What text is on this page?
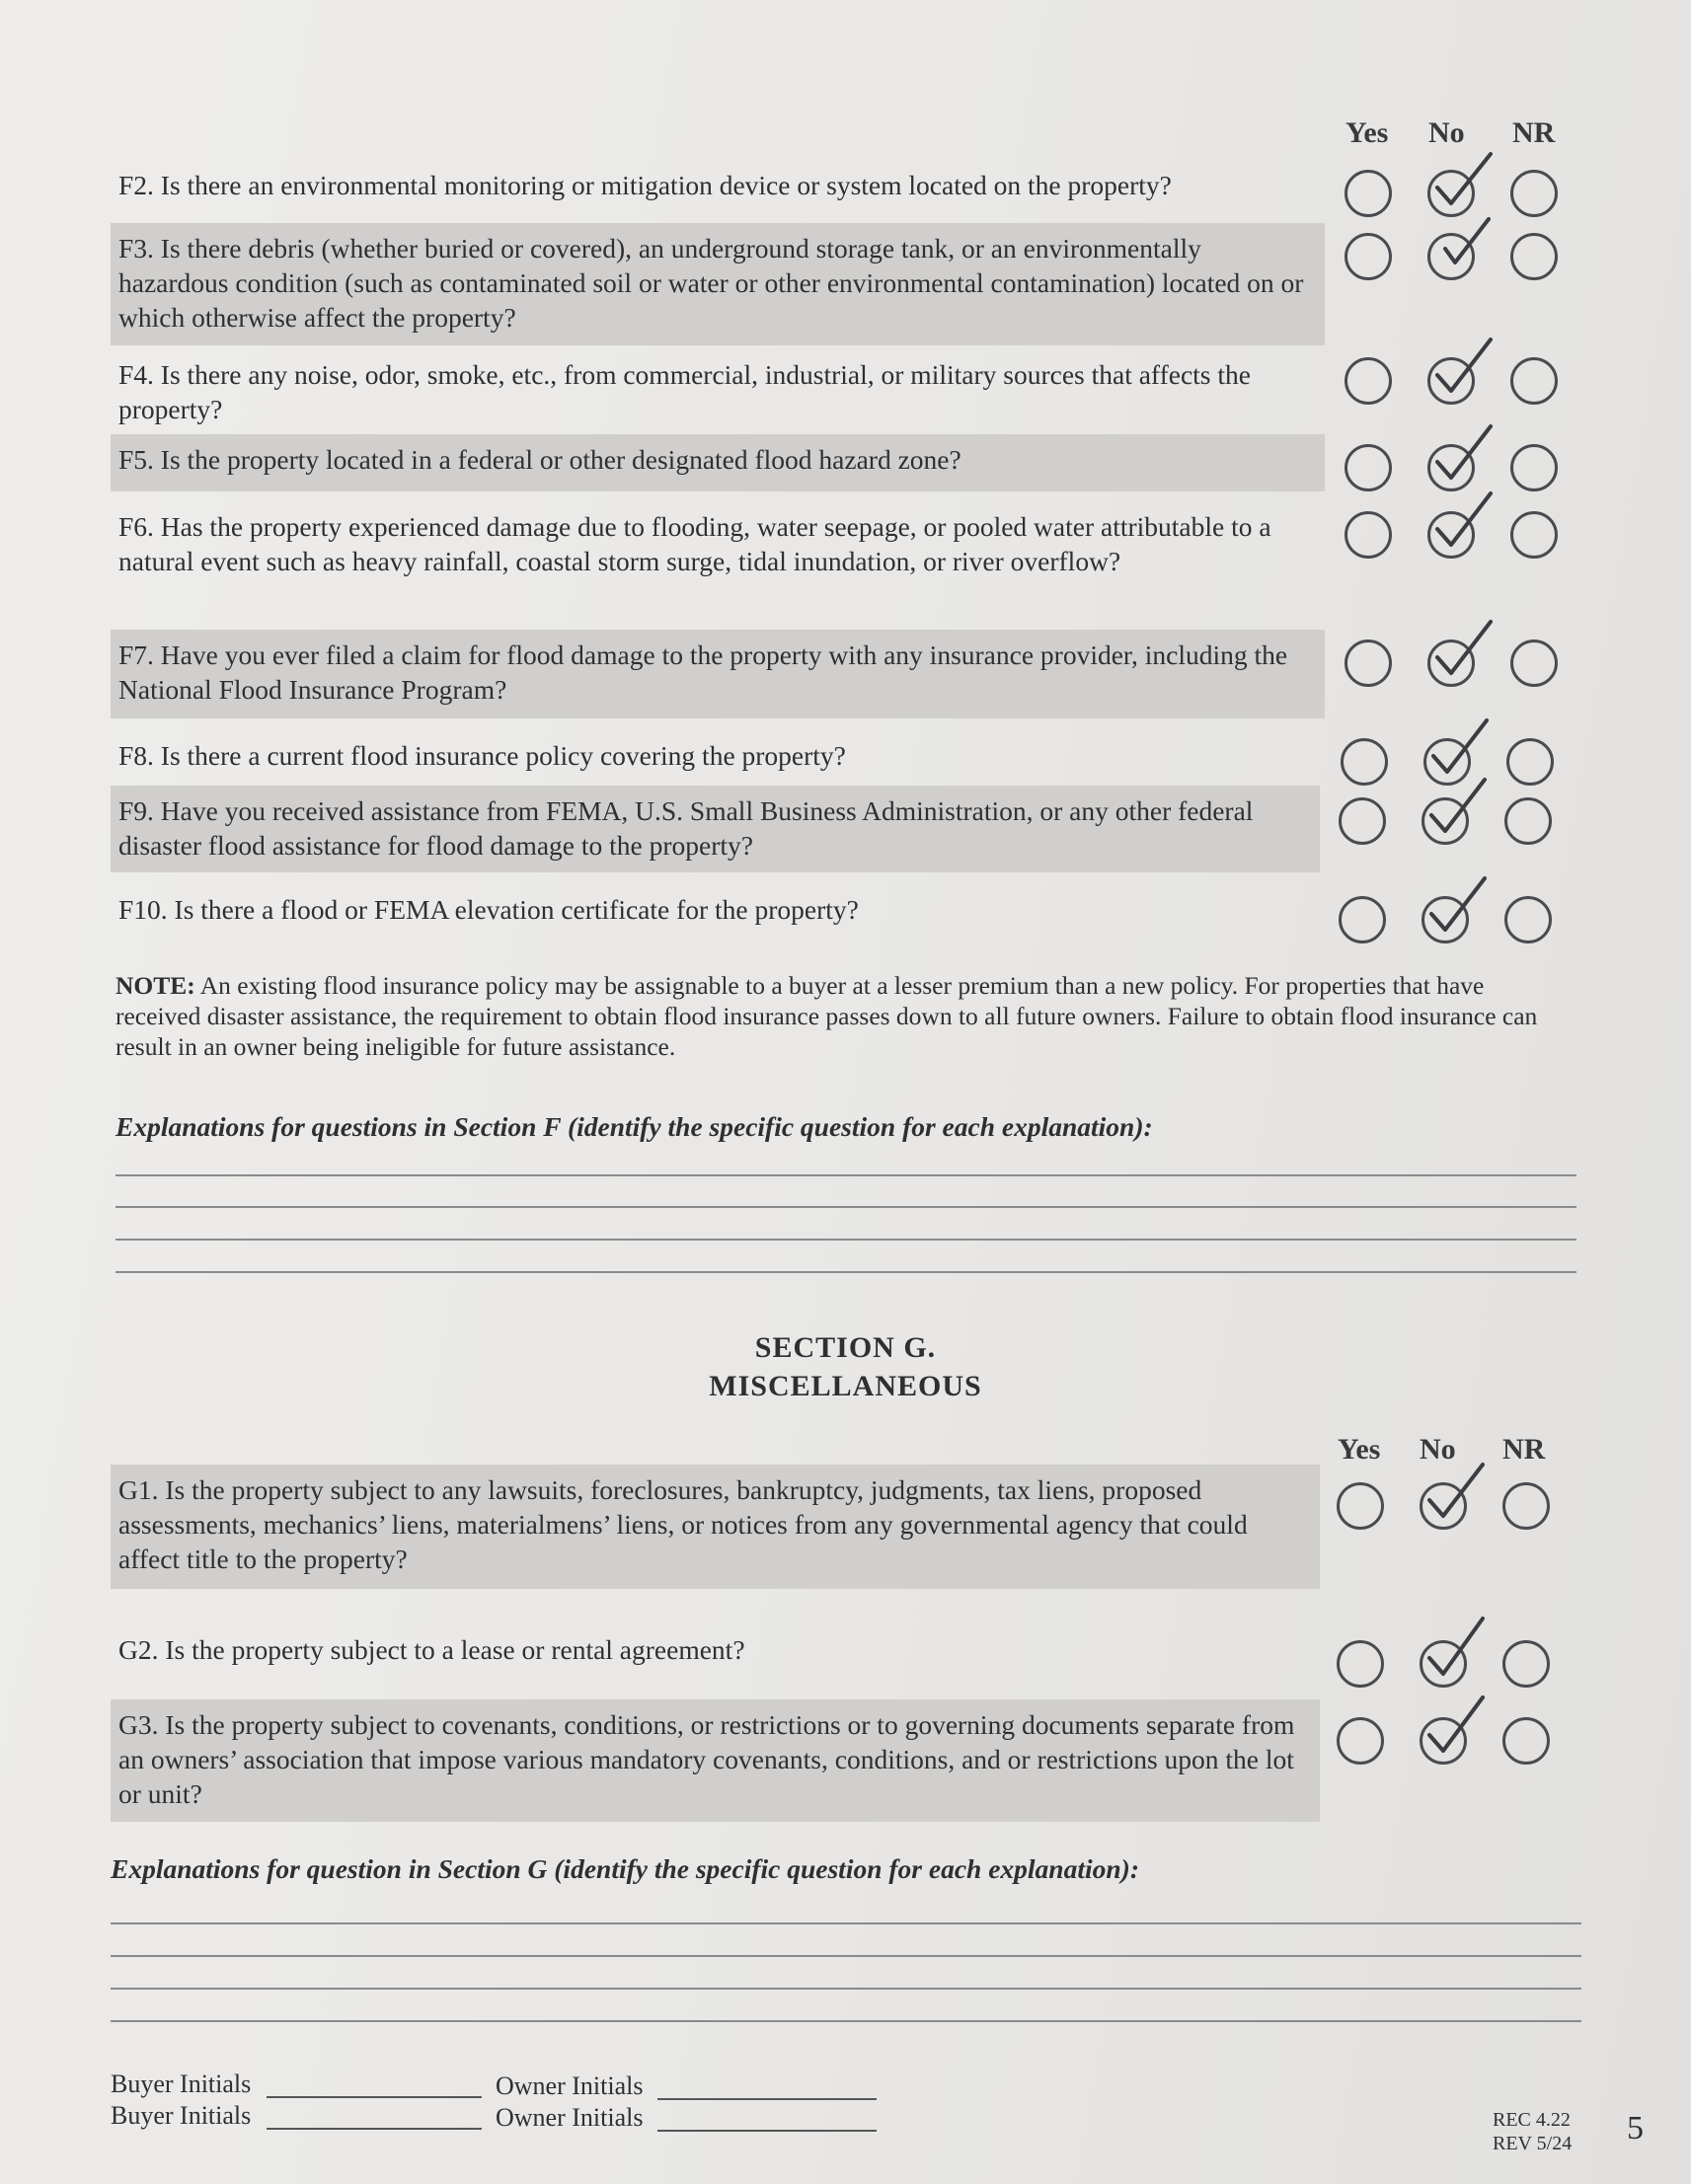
Yes No NR
F2. Is there an environmental monitoring or mitigation device or system located on the property?
F3. Is there debris (whether buried or covered), an underground storage tank, or an environmentally hazardous condition (such as contaminated soil or water or other environmental contamination) located on or which otherwise affect the property?
F4. Is there any noise, odor, smoke, etc., from commercial, industrial, or military sources that affects the property?
F5. Is the property located in a federal or other designated flood hazard zone?
F6. Has the property experienced damage due to flooding, water seepage, or pooled water attributable to a natural event such as heavy rainfall, coastal storm surge, tidal inundation, or river overflow?
F7. Have you ever filed a claim for flood damage to the property with any insurance provider, including the National Flood Insurance Program?
F8. Is there a current flood insurance policy covering the property?
F9. Have you received assistance from FEMA, U.S. Small Business Administration, or any other federal disaster flood assistance for flood damage to the property?
F10. Is there a flood or FEMA elevation certificate for the property?
NOTE: An existing flood insurance policy may be assignable to a buyer at a lesser premium than a new policy. For properties that have received disaster assistance, the requirement to obtain flood insurance passes down to all future owners. Failure to obtain flood insurance can result in an owner being ineligible for future assistance.
Explanations for questions in Section F (identify the specific question for each explanation):
SECTION G.
MISCELLANEOUS
Yes No NR
G1. Is the property subject to any lawsuits, foreclosures, bankruptcy, judgments, tax liens, proposed assessments, mechanics’ liens, materialmens’ liens, or notices from any governmental agency that could affect title to the property?
G2. Is the property subject to a lease or rental agreement?
G3. Is the property subject to covenants, conditions, or restrictions or to governing documents separate from an owners’ association that impose various mandatory covenants, conditions, and or restrictions upon the lot or unit?
Explanations for question in Section G (identify the specific question for each explanation):
Buyer Initials
Buyer Initials
Owner Initials
Owner Initials	REC 4.22
REV 5/24 5
